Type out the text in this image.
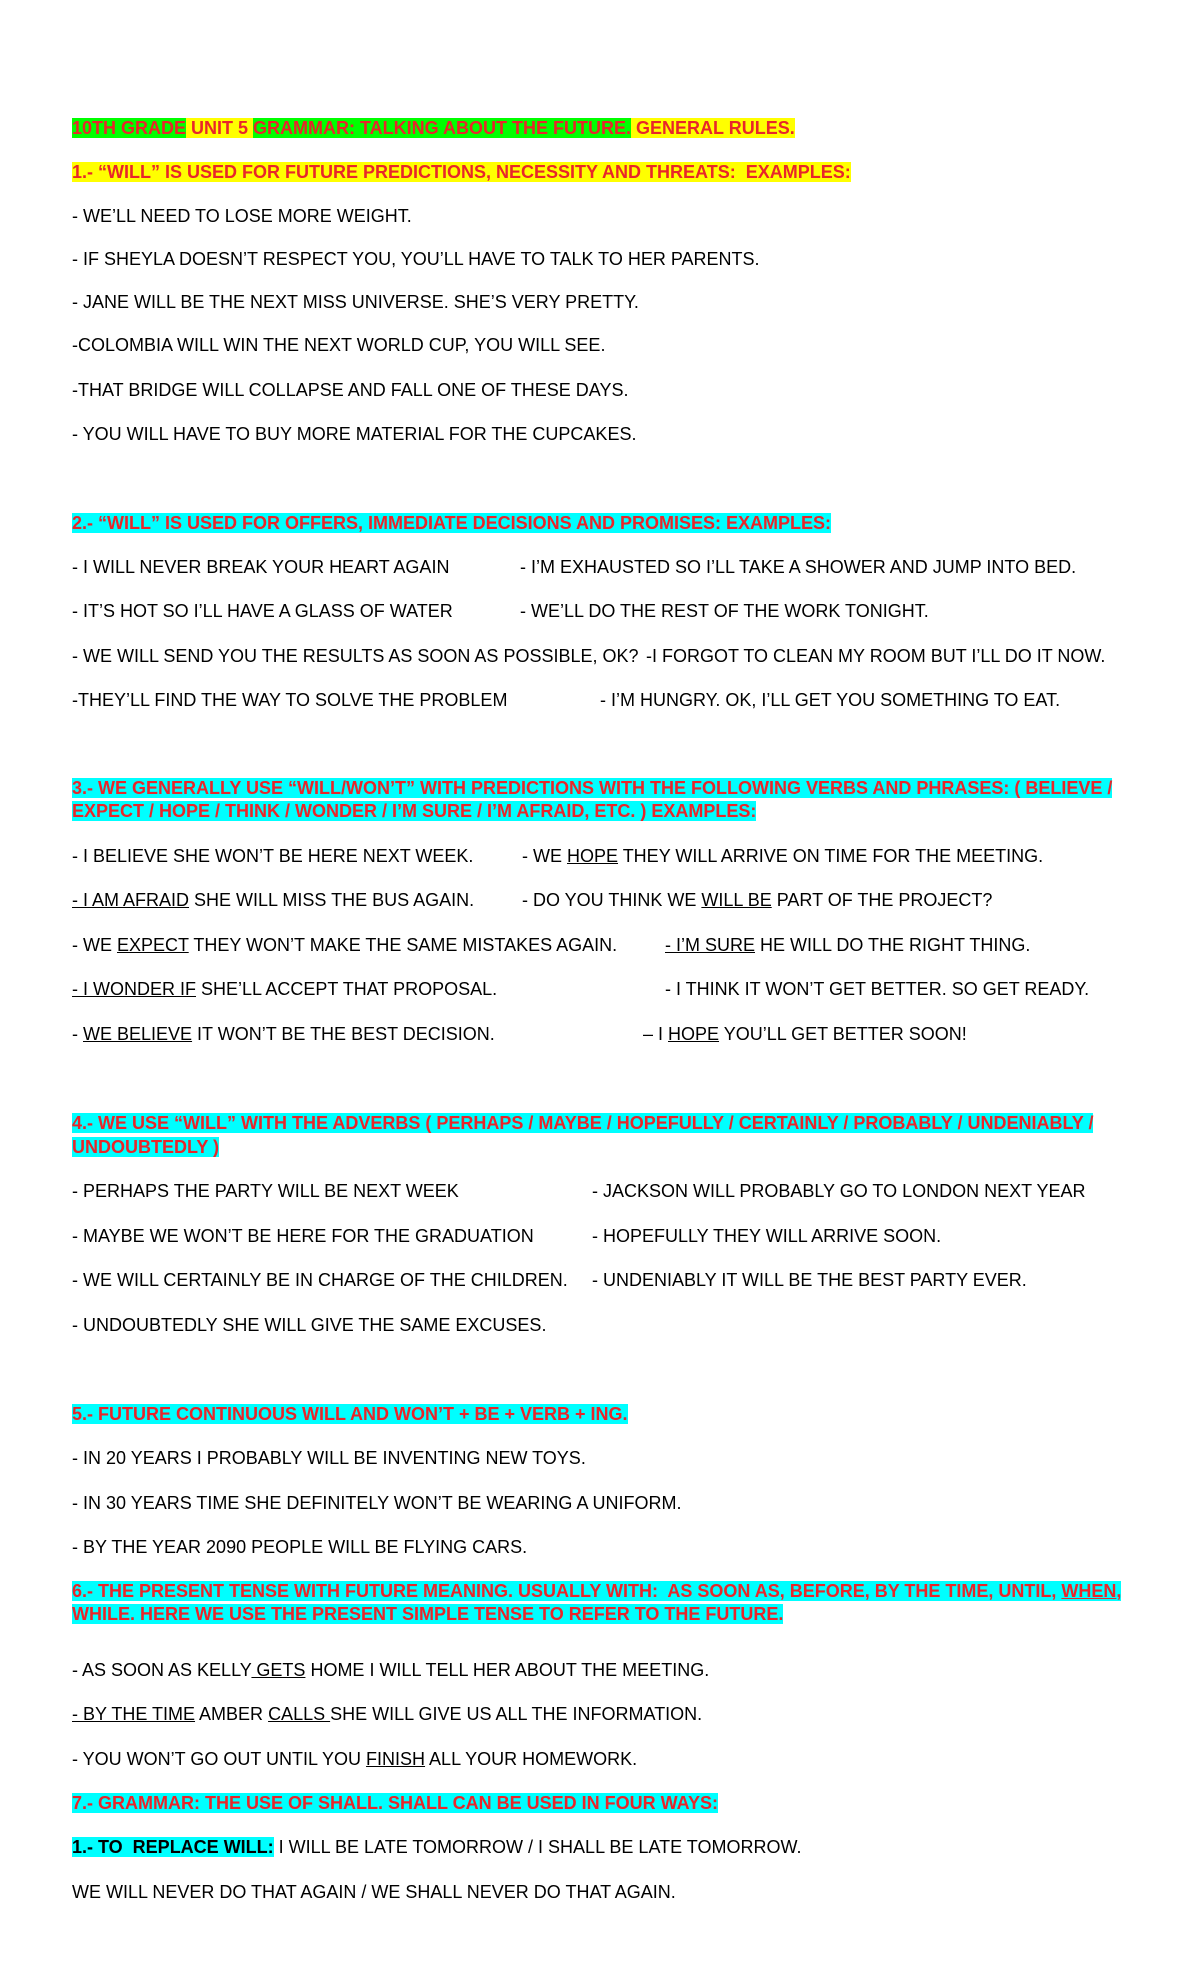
10TH GRADE UNIT 5 GRAMMAR: TALKING ABOUT THE FUTURE. GENERAL RULES.
1.- “WILL” IS USED FOR FUTURE PREDICTIONS, NECESSITY AND THREATS:  EXAMPLES:
- WE’LL NEED TO LOSE MORE WEIGHT.
- IF SHEYLA DOESN’T RESPECT YOU, YOU’LL HAVE TO TALK TO HER PARENTS.
- JANE WILL BE THE NEXT MISS UNIVERSE. SHE’S VERY PRETTY.
-COLOMBIA WILL WIN THE NEXT WORLD CUP, YOU WILL SEE.
-THAT BRIDGE WILL COLLAPSE AND FALL ONE OF THESE DAYS.
- YOU WILL HAVE TO BUY MORE MATERIAL FOR THE CUPCAKES.
2.- “WILL” IS USED FOR OFFERS, IMMEDIATE DECISIONS AND PROMISES: EXAMPLES:
- I WILL NEVER BREAK YOUR HEART AGAIN	- I’M EXHAUSTED SO I’LL TAKE A SHOWER AND JUMP INTO BED.
- IT’S HOT SO I’LL HAVE A GLASS OF WATER	- WE’LL DO THE REST OF THE WORK TONIGHT.
- WE WILL SEND YOU THE RESULTS AS SOON AS POSSIBLE, OK? -I FORGOT TO CLEAN MY ROOM BUT I’LL DO IT NOW.
-THEY’LL FIND THE WAY TO SOLVE THE PROBLEM	- I’M HUNGRY. OK, I’LL GET YOU SOMETHING TO EAT.
3.- WE GENERALLY USE “WILL/WON’T” WITH PREDICTIONS WITH THE FOLLOWING VERBS AND PHRASES: ( BELIEVE /
EXPECT / HOPE / THINK / WONDER / I’M SURE / I’M AFRAID, ETC. ) EXAMPLES:
- I BELIEVE SHE WON’T BE HERE NEXT WEEK.	- WE HOPE THEY WILL ARRIVE ON TIME FOR THE MEETING.
- I AM AFRAID SHE WILL MISS THE BUS AGAIN.	- DO YOU THINK WE WILL BE PART OF THE PROJECT?
- WE EXPECT THEY WON’T MAKE THE SAME MISTAKES AGAIN.	- I’M SURE HE WILL DO THE RIGHT THING.
- I WONDER IF SHE’LL ACCEPT THAT PROPOSAL.	- I THINK IT WON’T GET BETTER. SO GET READY.
- WE BELIEVE IT WON’T BE THE BEST DECISION.	– I HOPE YOU’LL GET BETTER SOON!
4.- WE USE “WILL” WITH THE ADVERBS ( PERHAPS / MAYBE / HOPEFULLY / CERTAINLY / PROBABLY / UNDENIABLY /
UNDOUBTEDLY )
- PERHAPS THE PARTY WILL BE NEXT WEEK	- JACKSON WILL PROBABLY GO TO LONDON NEXT YEAR
- MAYBE WE WON’T BE HERE FOR THE GRADUATION	- HOPEFULLY THEY WILL ARRIVE SOON.
- WE WILL CERTAINLY BE IN CHARGE OF THE CHILDREN. - UNDENIABLY IT WILL BE THE BEST PARTY EVER.
- UNDOUBTEDLY SHE WILL GIVE THE SAME EXCUSES.
5.- FUTURE CONTINUOUS WILL AND WON’T + BE + VERB + ING.
- IN 20 YEARS I PROBABLY WILL BE INVENTING NEW TOYS.
- IN 30 YEARS TIME SHE DEFINITELY WON’T BE WEARING A UNIFORM.
- BY THE YEAR 2090 PEOPLE WILL BE FLYING CARS.
6.- THE PRESENT TENSE WITH FUTURE MEANING. USUALLY WITH:  AS SOON AS, BEFORE, BY THE TIME, UNTIL, WHEN,
WHILE. HERE WE USE THE PRESENT SIMPLE TENSE TO REFER TO THE FUTURE.
- AS SOON AS KELLY GETS HOME I WILL TELL HER ABOUT THE MEETING.
- BY THE TIME AMBER CALLS SHE WILL GIVE US ALL THE INFORMATION.
- YOU WON’T GO OUT UNTIL YOU FINISH ALL YOUR HOMEWORK.
7.- GRAMMAR: THE USE OF SHALL. SHALL CAN BE USED IN FOUR WAYS:
1.- TO  REPLACE WILL: I WILL BE LATE TOMORROW / I SHALL BE LATE TOMORROW.
WE WILL NEVER DO THAT AGAIN / WE SHALL NEVER DO THAT AGAIN.
